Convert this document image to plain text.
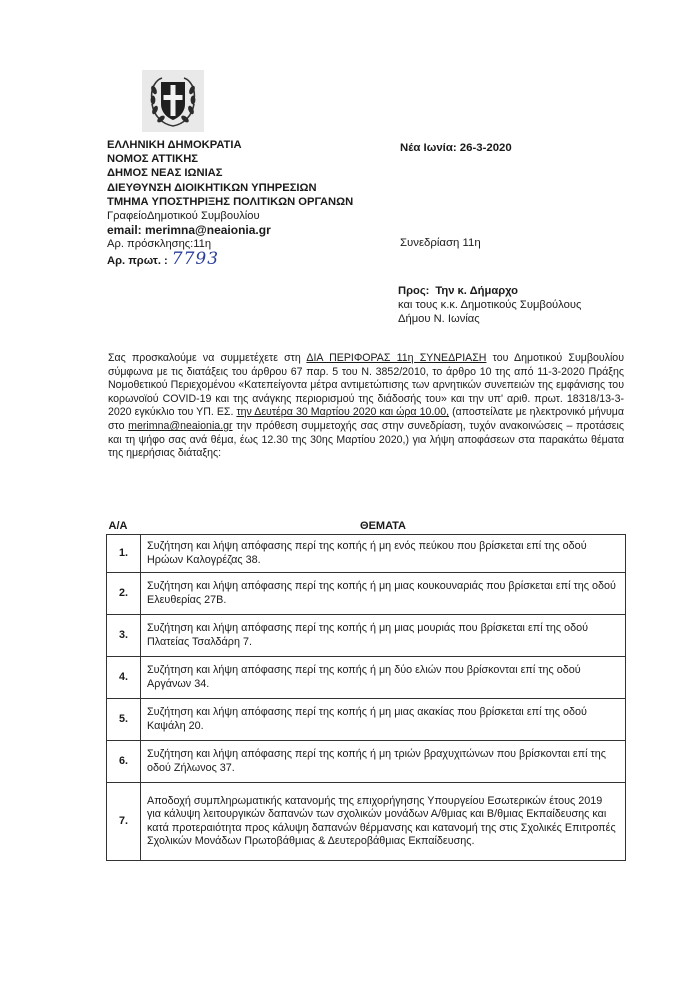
ΕΛΛΗΝΙΚΗ ΔΗΜΟΚΡΑΤΙΑ
ΝΟΜΟΣ ΑΤΤΙΚΗΣ
ΔΗΜΟΣ ΝΕΑΣ ΙΩΝΙΑΣ
ΔΙΕΥΘΥΝΣΗ ΔΙΟΙΚΗΤΙΚΩΝ ΥΠΗΡΕΣΙΩΝ
ΤΜΗΜΑ ΥΠΟΣΤΗΡΙΞΗΣ ΠΟΛΙΤΙΚΩΝ ΟΡΓΑΝΩΝ
ΓραφείοΔημοτικού Συμβουλίου
email: merimna@neaionia.gr
Αρ. πρόσκλησης:11η
Αρ. πρωτ. : 7793
Νέα Ιωνία: 26-3-2020
Συνεδρίαση 11η
Προς: Την κ. Δήμαρχο
και τους κ.κ. Δημοτικούς Συμβούλους
Δήμου Ν. Ιωνίας
Σας προσκαλούμε να συμμετέχετε στη ΔΙΑ ΠΕΡΙΦΟΡΑΣ 11η ΣΥΝΕΔΡΙΑΣΗ του Δημοτικού Συμβουλίου σύμφωνα με τις διατάξεις του άρθρου 67 παρ. 5 του Ν. 3852/2010, το άρθρο 10 της από 11-3-2020 Πράξης Νομοθετικού Περιεχομένου «Κατεπείγοντα μέτρα αντιμετώπισης των αρνητικών συνεπειών της εμφάνισης του κορωνοϊού COVID-19 και της ανάγκης περιορισμού της διάδοσής του» και την υπ' αριθ. πρωτ. 18318/13-3-2020 εγκύκλιο του ΥΠ. ΕΣ. την Δευτέρα 30 Μαρτίου 2020 και ώρα 10.00, (αποστείλατε με ηλεκτρονικό μήνυμα στο merimna@neaionia.gr την πρόθεση συμμετοχής σας στην συνεδρίαση, τυχόν ανακοινώσεις – προτάσεις και τη ψήφο σας ανά θέμα, έως 12.30 της 30ης Μαρτίου 2020,) για λήψη αποφάσεων στα παρακάτω θέματα της ημερήσιας διάταξης:
Α/Α	ΘΕΜΑΤΑ
1.	Συζήτηση και λήψη απόφασης περί της κοπής ή μη ενός πεύκου που βρίσκεται επί της οδού Ηρώων Καλογρέζας 38.
2.	Συζήτηση και λήψη απόφασης περί της κοπής ή μη μιας κουκουναριάς που βρίσκεται επί της οδού Ελευθερίας 27Β.
3.	Συζήτηση και λήψη απόφασης περί της κοπής ή μη μιας μουριάς που βρίσκεται επί της οδού Πλατείας Τσαλδάρη 7.
4.	Συζήτηση και λήψη απόφασης περί της κοπής ή μη δύο ελιών που βρίσκονται επί της οδού Αργάνων 34.
5.	Συζήτηση και λήψη απόφασης περί της κοπής ή μη μιας ακακίας που βρίσκεται επί της οδού Καψάλη 20.
6.	Συζήτηση και λήψη απόφασης περί της κοπής ή μη τριών βραχυχιτώνων που βρίσκονται επί της οδού Ζήλωνος 37.
7.	Αποδοχή συμπληρωματικής κατανομής της επιχορήγησης Υπουργείου Εσωτερικών έτους 2019 για κάλυψη λειτουργικών δαπανών των σχολικών μονάδων Α/θμιας και Β/θμιας Εκπαίδευσης και κατά προτεραιότητα προς κάλυψη δαπανών θέρμανσης και κατανομή της στις Σχολικές Επιτροπές Σχολικών Μονάδων Πρωτοβάθμιας & Δευτεροβάθμιας Εκπαίδευσης.
